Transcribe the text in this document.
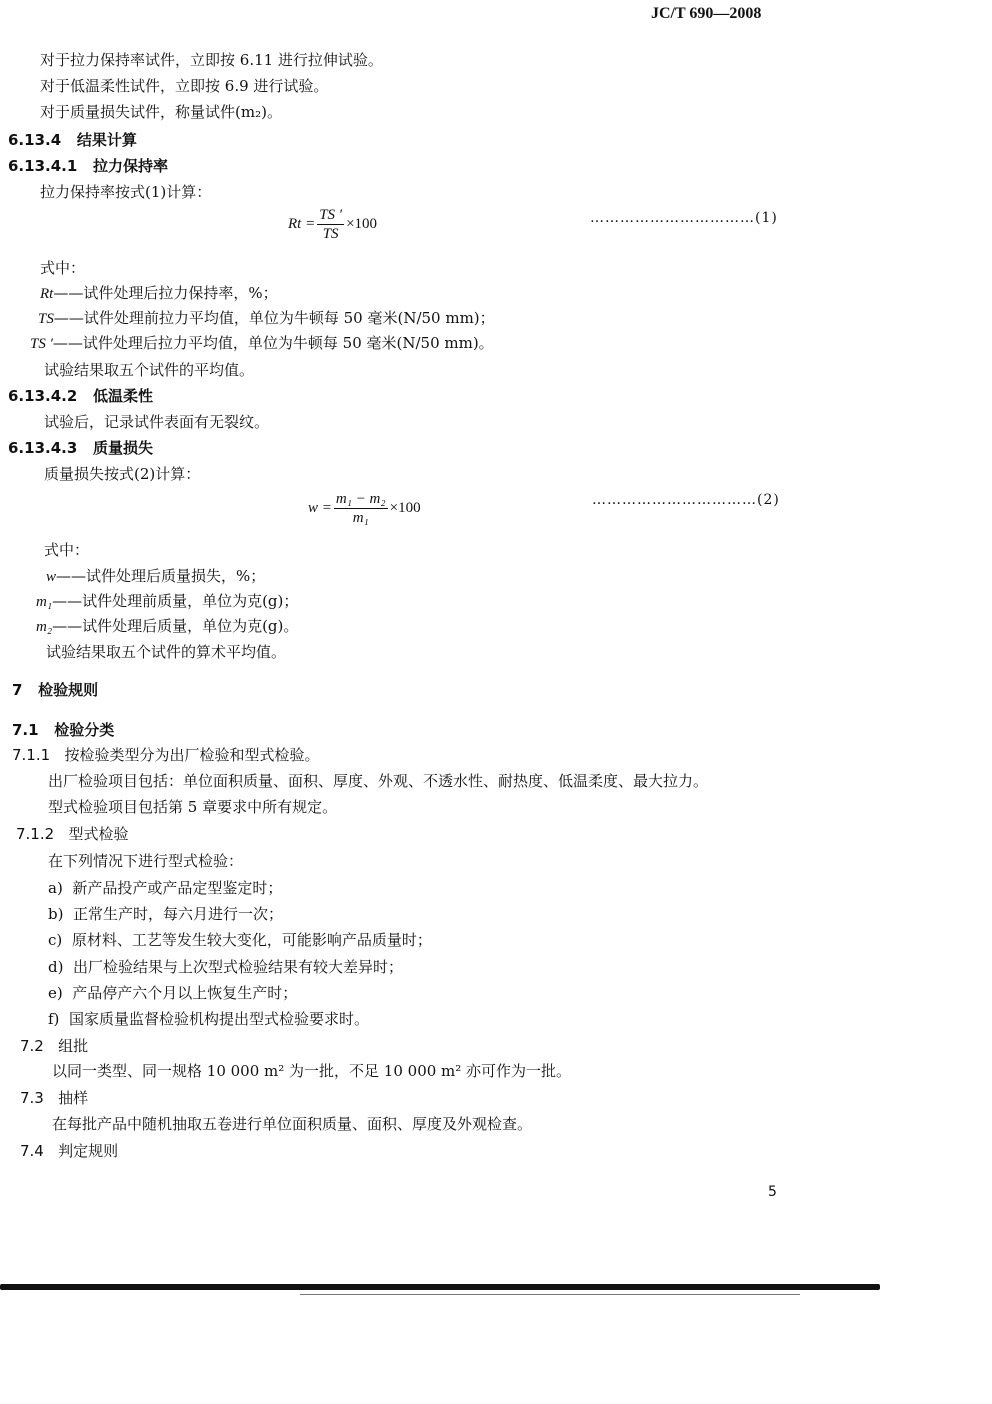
JC/T 690—2008
对于拉力保持率试件，立即按 6.11 进行拉伸试验。
对于低温柔性试件，立即按 6.9 进行试验。
对于质量损失试件，称量试件(m₂)。
6.13.4 结果计算
6.13.4.1 拉力保持率
拉力保持率按式(1)计算：
$Rt = \frac{TS '}{TS} \times 100$	……………………………(1)
式中：
Rt——试件处理后拉力保持率，%；
TS——试件处理前拉力平均值，单位为牛顿每 50 毫米(N/50 mm)；
TS ′——试件处理后拉力平均值，单位为牛顿每 50 毫米(N/50 mm)。
试验结果取五个试件的平均值。
6.13.4.2 低温柔性
试验后，记录试件表面有无裂纹。
6.13.4.3 质量损失
质量损失按式(2)计算：
$w = \frac{\text{m₁ − m₂}}{\text{m₁}} \times 100$	……………………………(2)
式中：
w——试件处理后质量损失，%；
m₁——试件处理前质量，单位为克(g)；
m₂——试件处理后质量，单位为克(g)。
试验结果取五个试件的算术平均值。
7 检验规则
7.1 检验分类
7.1.1 按检验类型分为出厂检验和型式检验。
出厂检验项目包括：单位面积质量、面积、厚度、外观、不透水性、耐热度、低温柔度、最大拉力。
型式检验项目包括第 5 章要求中所有规定。
7.1.2 型式检验
在下列情况下进行型式检验：
a) 新产品投产或产品定型鉴定时；
b) 正常生产时，每六月进行一次；
c) 原材料、工艺等发生较大变化，可能影响产品质量时；
d) 出厂检验结果与上次型式检验结果有较大差异时；
e) 产品停产六个月以上恢复生产时；
f) 国家质量监督检验机构提出型式检验要求时。
7.2 组批
以同一类型、同一规格 10 000 m² 为一批，不足 10 000 m² 亦可作为一批。
7.3 抽样
在每批产品中随机抽取五卷进行单位面积质量、面积、厚度及外观检查。
7.4 判定规则
5
